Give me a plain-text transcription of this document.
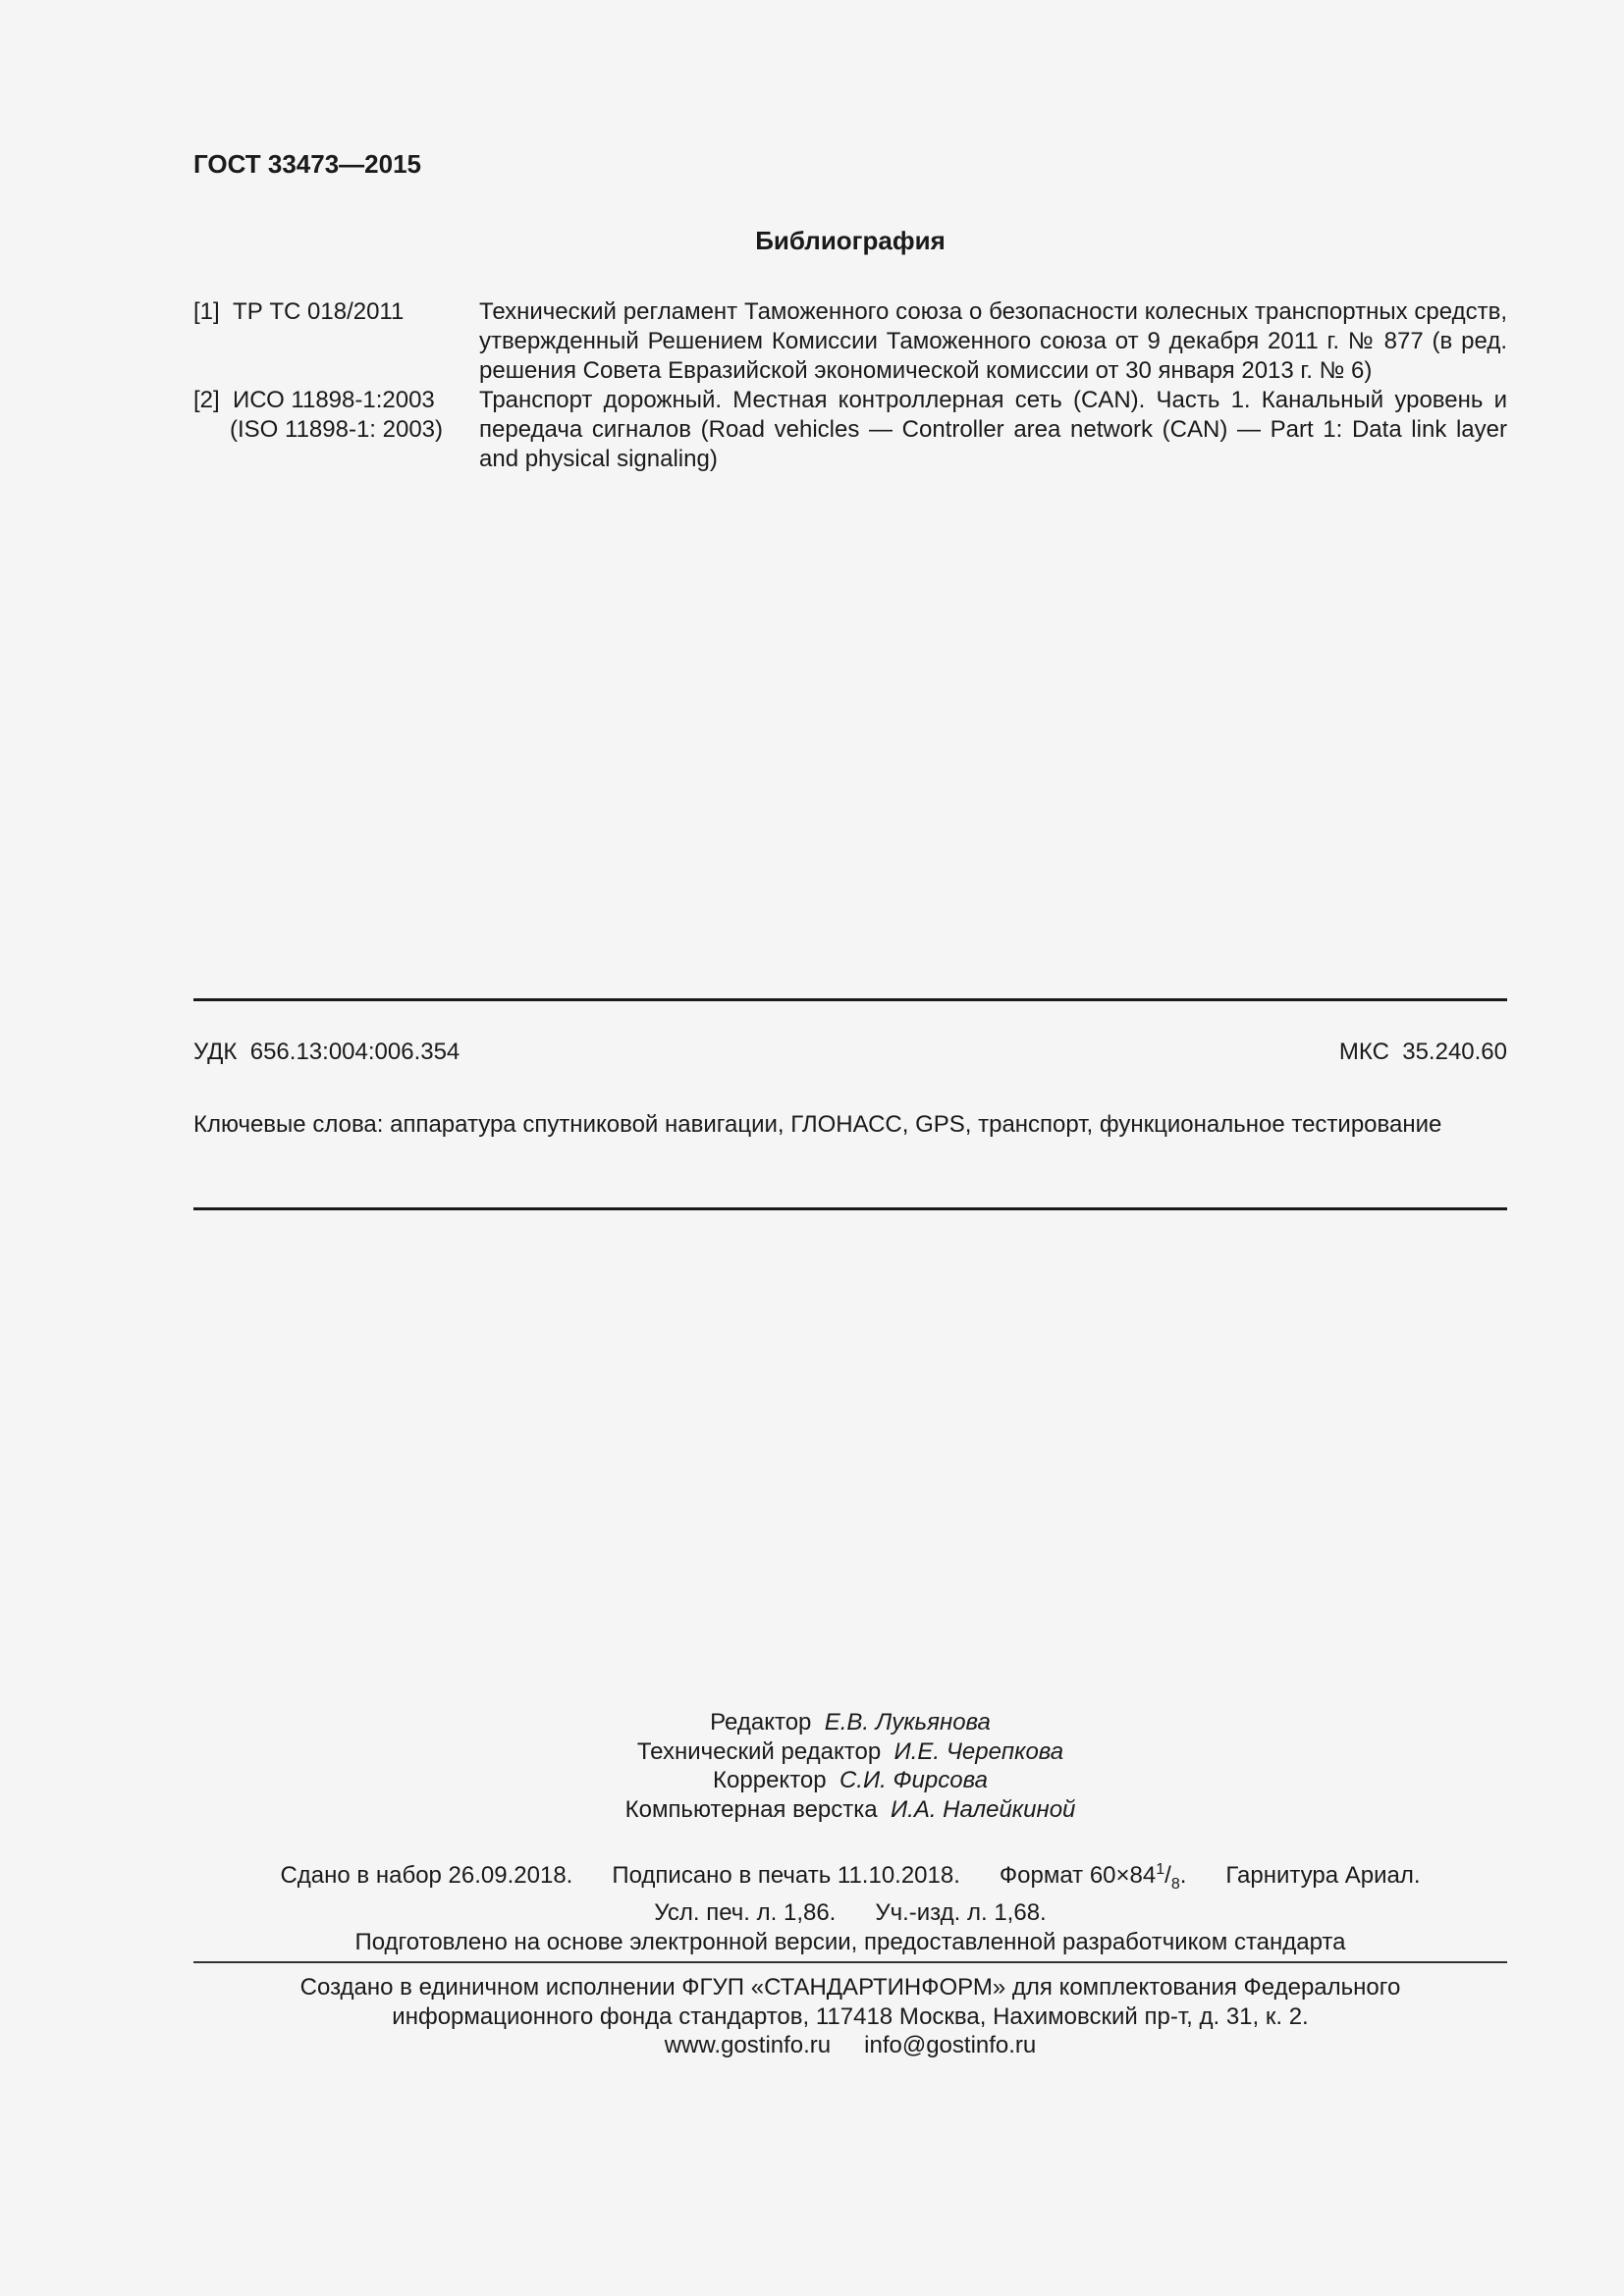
ГОСТ 33473—2015
Библиография
[1] ТР ТС 018/2011	Технический регламент Таможенного союза о безопасности колесных транспортных средств, утвержденный Решением Комиссии Таможенного союза от 9 декабря 2011 г. № 877 (в ред. решения Совета Евразийской экономической комиссии от 30 января 2013 г. № 6)
[2] ИСО 11898-1:2003
(ISO 11898-1: 2003)
Транспорт дорожный. Местная контроллерная сеть (CAN). Часть 1. Канальный уровень и передача сигналов (Road vehicles — Controller area network (CAN) — Part 1: Data link layer and physical signaling)
УДК  656.13:004:006.354	МКС  35.240.60
Ключевые слова: аппаратура спутниковой навигации, ГЛОНАСС, GPS, транспорт, функциональное тестирование
Редактор Е.В. Лукьянова
Технический редактор И.Е. Черепкова
Корректор С.И. Фирсова
Компьютерная верстка И.А. Налейкиной
Сдано в набор 26.09.2018. Подписано в печать 11.10.2018. Формат $60\times 84^1/_8$. Гарнитура Ариал.
Усл. печ. л. 1,86. Уч.-изд. л. 1,68.
Подготовлено на основе электронной версии, предоставленной разработчиком стандарта
Создано в единичном исполнении ФГУП «СТАНДАРТИНФОРМ» для комплектования Федерального
информационного фонда стандартов, 117418 Москва, Нахимовский пр-т, д. 31, к. 2.
www.gostinfo.ru info@gostinfo.ru
